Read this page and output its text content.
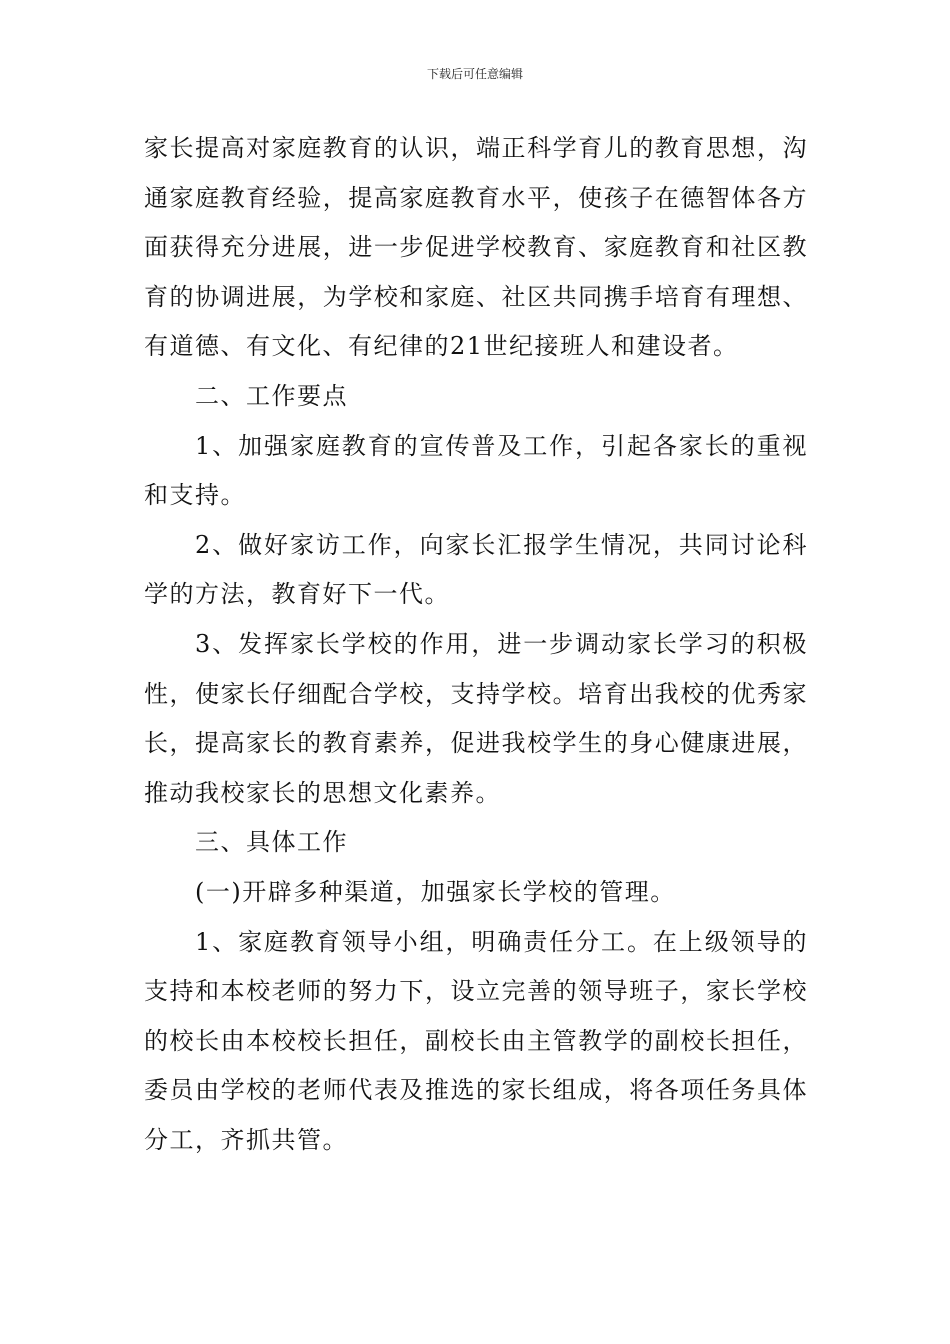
下载后可任意编辑

家长提高对家庭教育的认识，端正科学育儿的教育思想，沟通家庭教育经验，提高家庭教育水平，使孩子在德智体各方面获得充分进展，进一步促进学校教育、家庭教育和社区教育的协调进展，为学校和家庭、社区共同携手培育有理想、有道德、有文化、有纪律的21世纪接班人和建设者。

二、工作要点

1、加强家庭教育的宣传普及工作，引起各家长的重视和支持。

2、做好家访工作，向家长汇报学生情况，共同讨论科学的方法，教育好下一代。

3、发挥家长学校的作用，进一步调动家长学习的积极性，使家长仔细配合学校，支持学校。培育出我校的优秀家长，提高家长的教育素养，促进我校学生的身心健康进展，推动我校家长的思想文化素养。

三、具体工作

(一)开辟多种渠道，加强家长学校的管理。

1、家庭教育领导小组，明确责任分工。在上级领导的支持和本校老师的努力下，设立完善的领导班子，家长学校的校长由本校校长担任，副校长由主管教学的副校长担任，委员由学校的老师代表及推选的家长组成，将各项任务具体分工，齐抓共管。
